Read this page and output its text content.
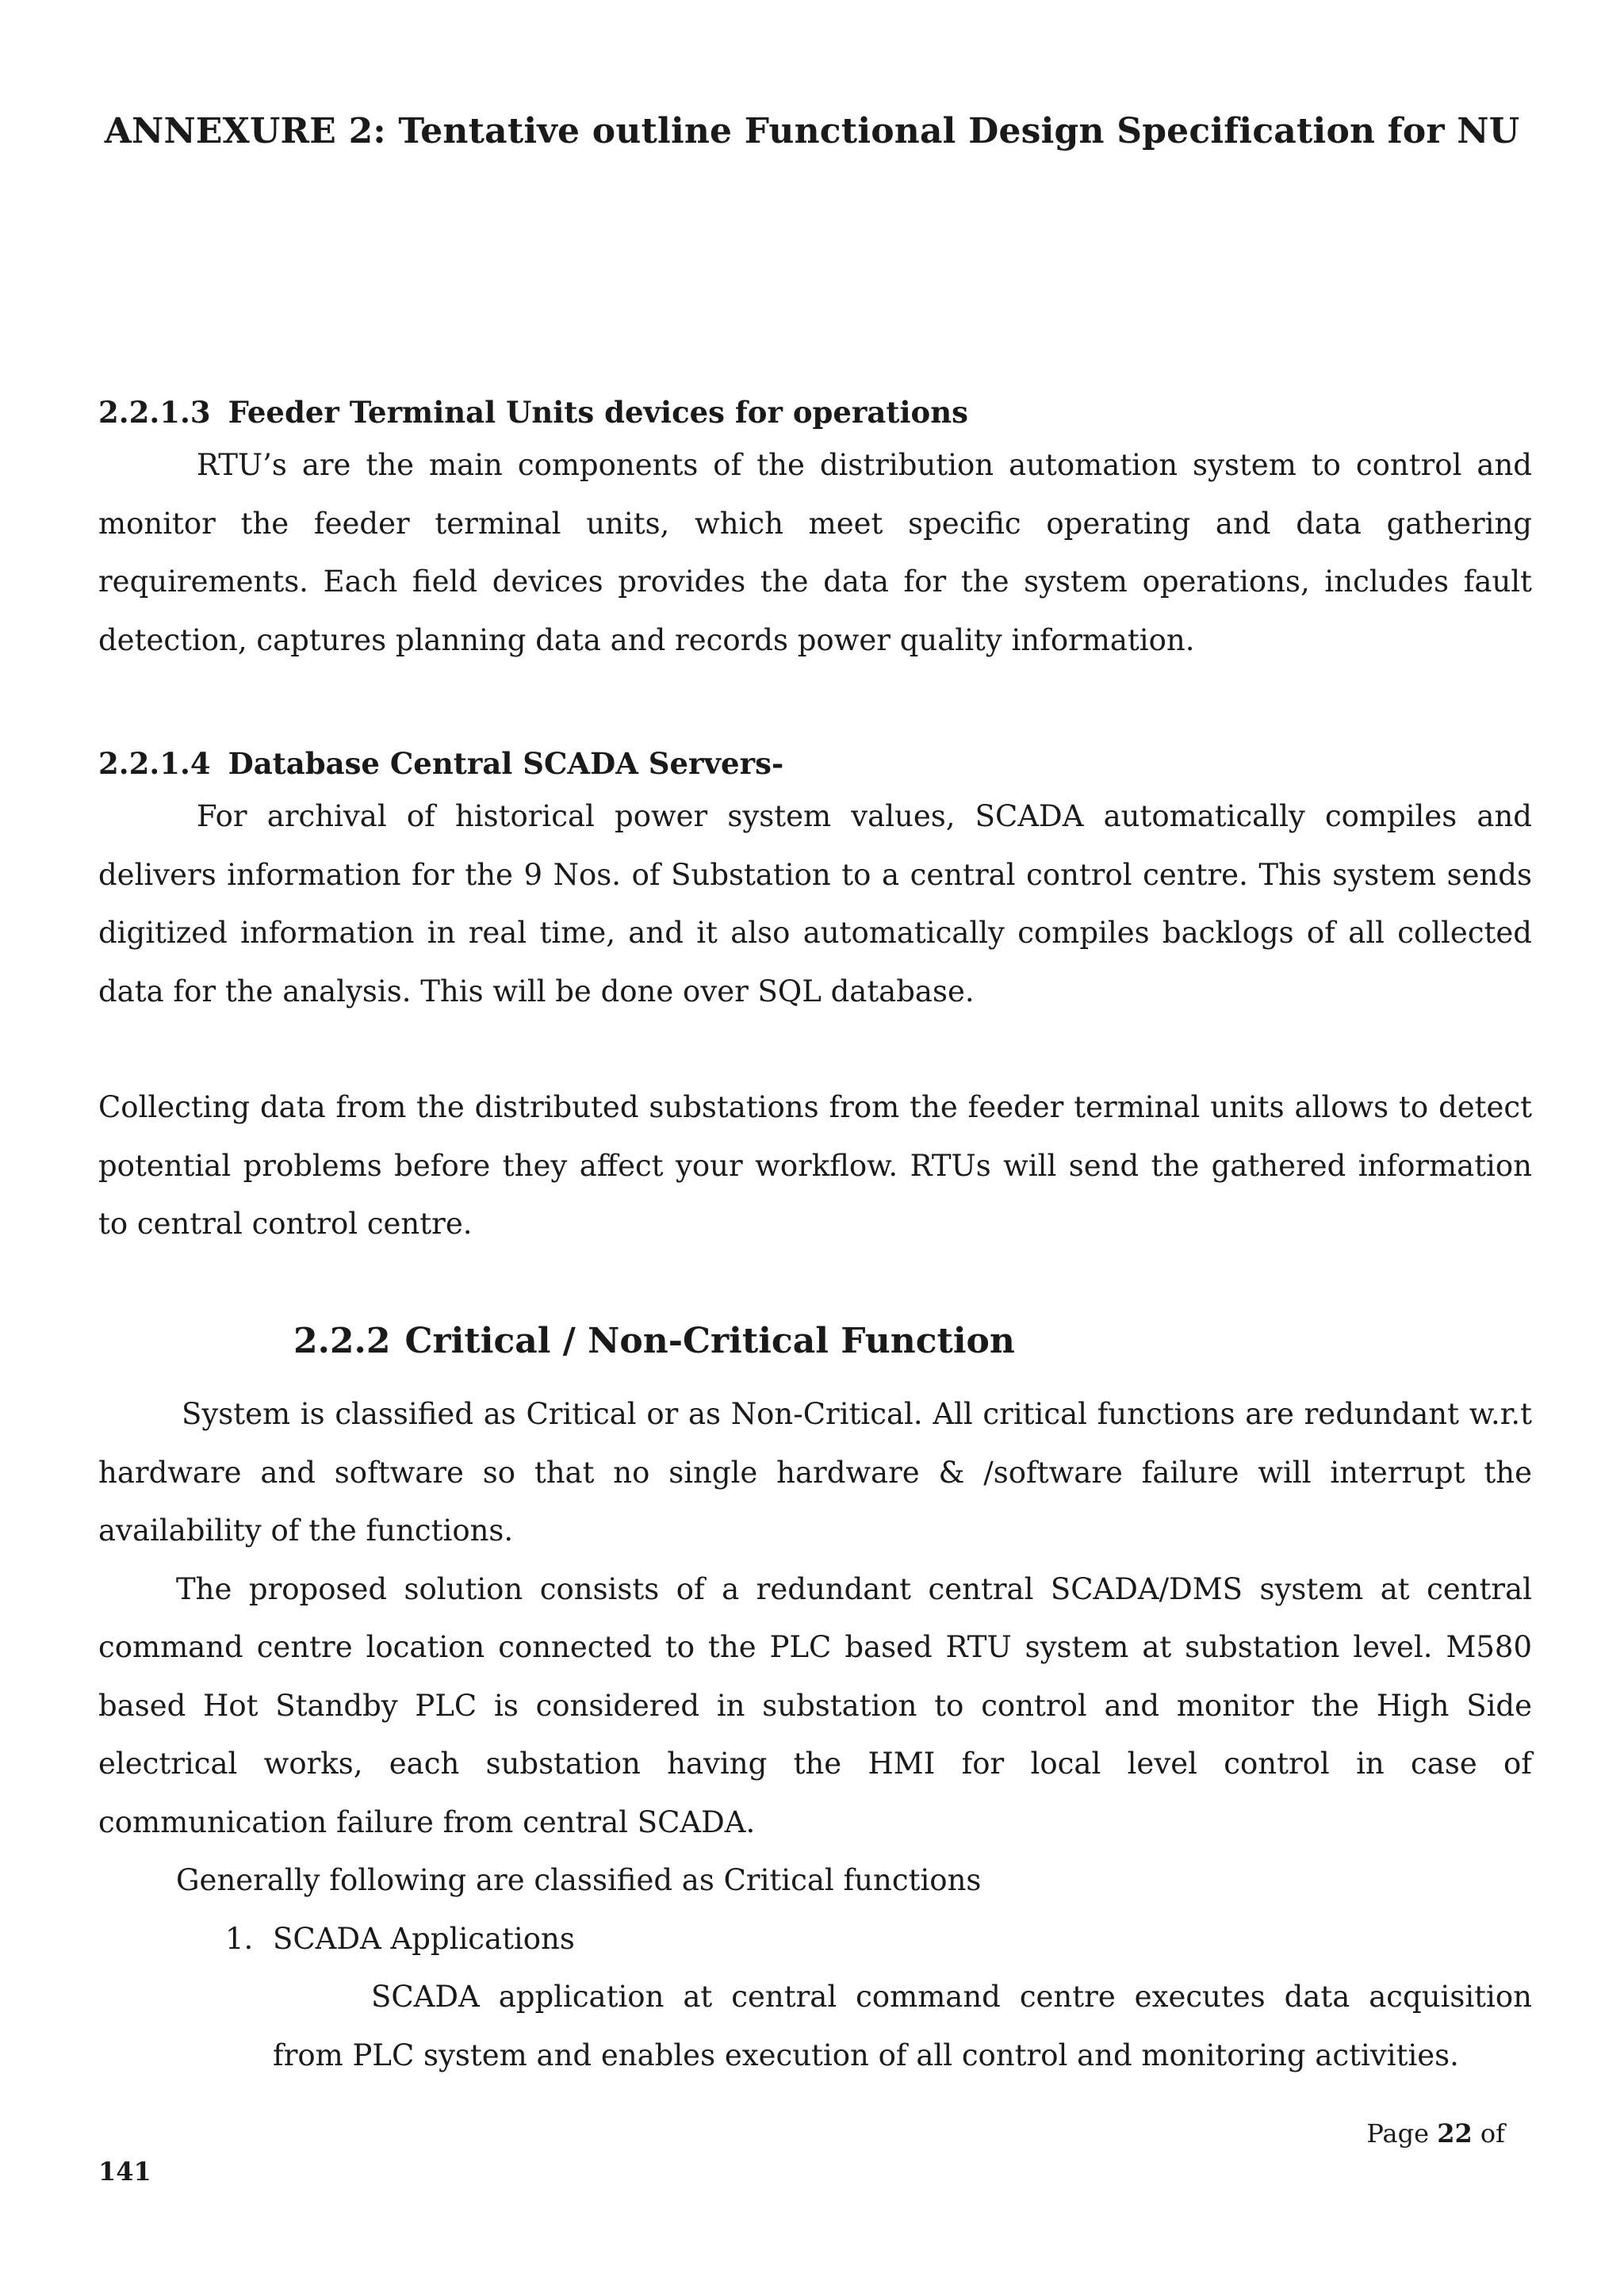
ANNEXURE 2: Tentative outline Functional Design Specification for NU

2.2.1.3 Feeder Terminal Units devices for operations

RTU’s are the main components of the distribution automation system to control and monitor the feeder terminal units, which meet specific operating and data gathering requirements. Each field devices provides the data for the system operations, includes fault detection, captures planning data and records power quality information.

2.2.1.4 Database Central SCADA Servers-

For archival of historical power system values, SCADA automatically compiles and delivers information for the 9 Nos. of Substation to a central control centre. This system sends digitized information in real time, and it also automatically compiles backlogs of all collected data for the analysis. This will be done over SQL database.

Collecting data from the distributed substations from the feeder terminal units allows to detect potential problems before they affect your workflow. RTUs will send the gathered information to central control centre.

2.2.2 Critical / Non-Critical Function

System is classified as Critical or as Non-Critical. All critical functions are redundant w.r.t hardware and software so that no single hardware & /software failure will interrupt the availability of the functions.

The proposed solution consists of a redundant central SCADA/DMS system at central command centre location connected to the PLC based RTU system at substation level. M580 based Hot Standby PLC is considered in substation to control and monitor the High Side electrical works, each substation having the HMI for local level control in case of communication failure from central SCADA.

Generally following are classified as Critical functions

1. SCADA Applications

SCADA application at central command centre executes data acquisition from PLC system and enables execution of all control and monitoring activities.

Page 22 of
141
